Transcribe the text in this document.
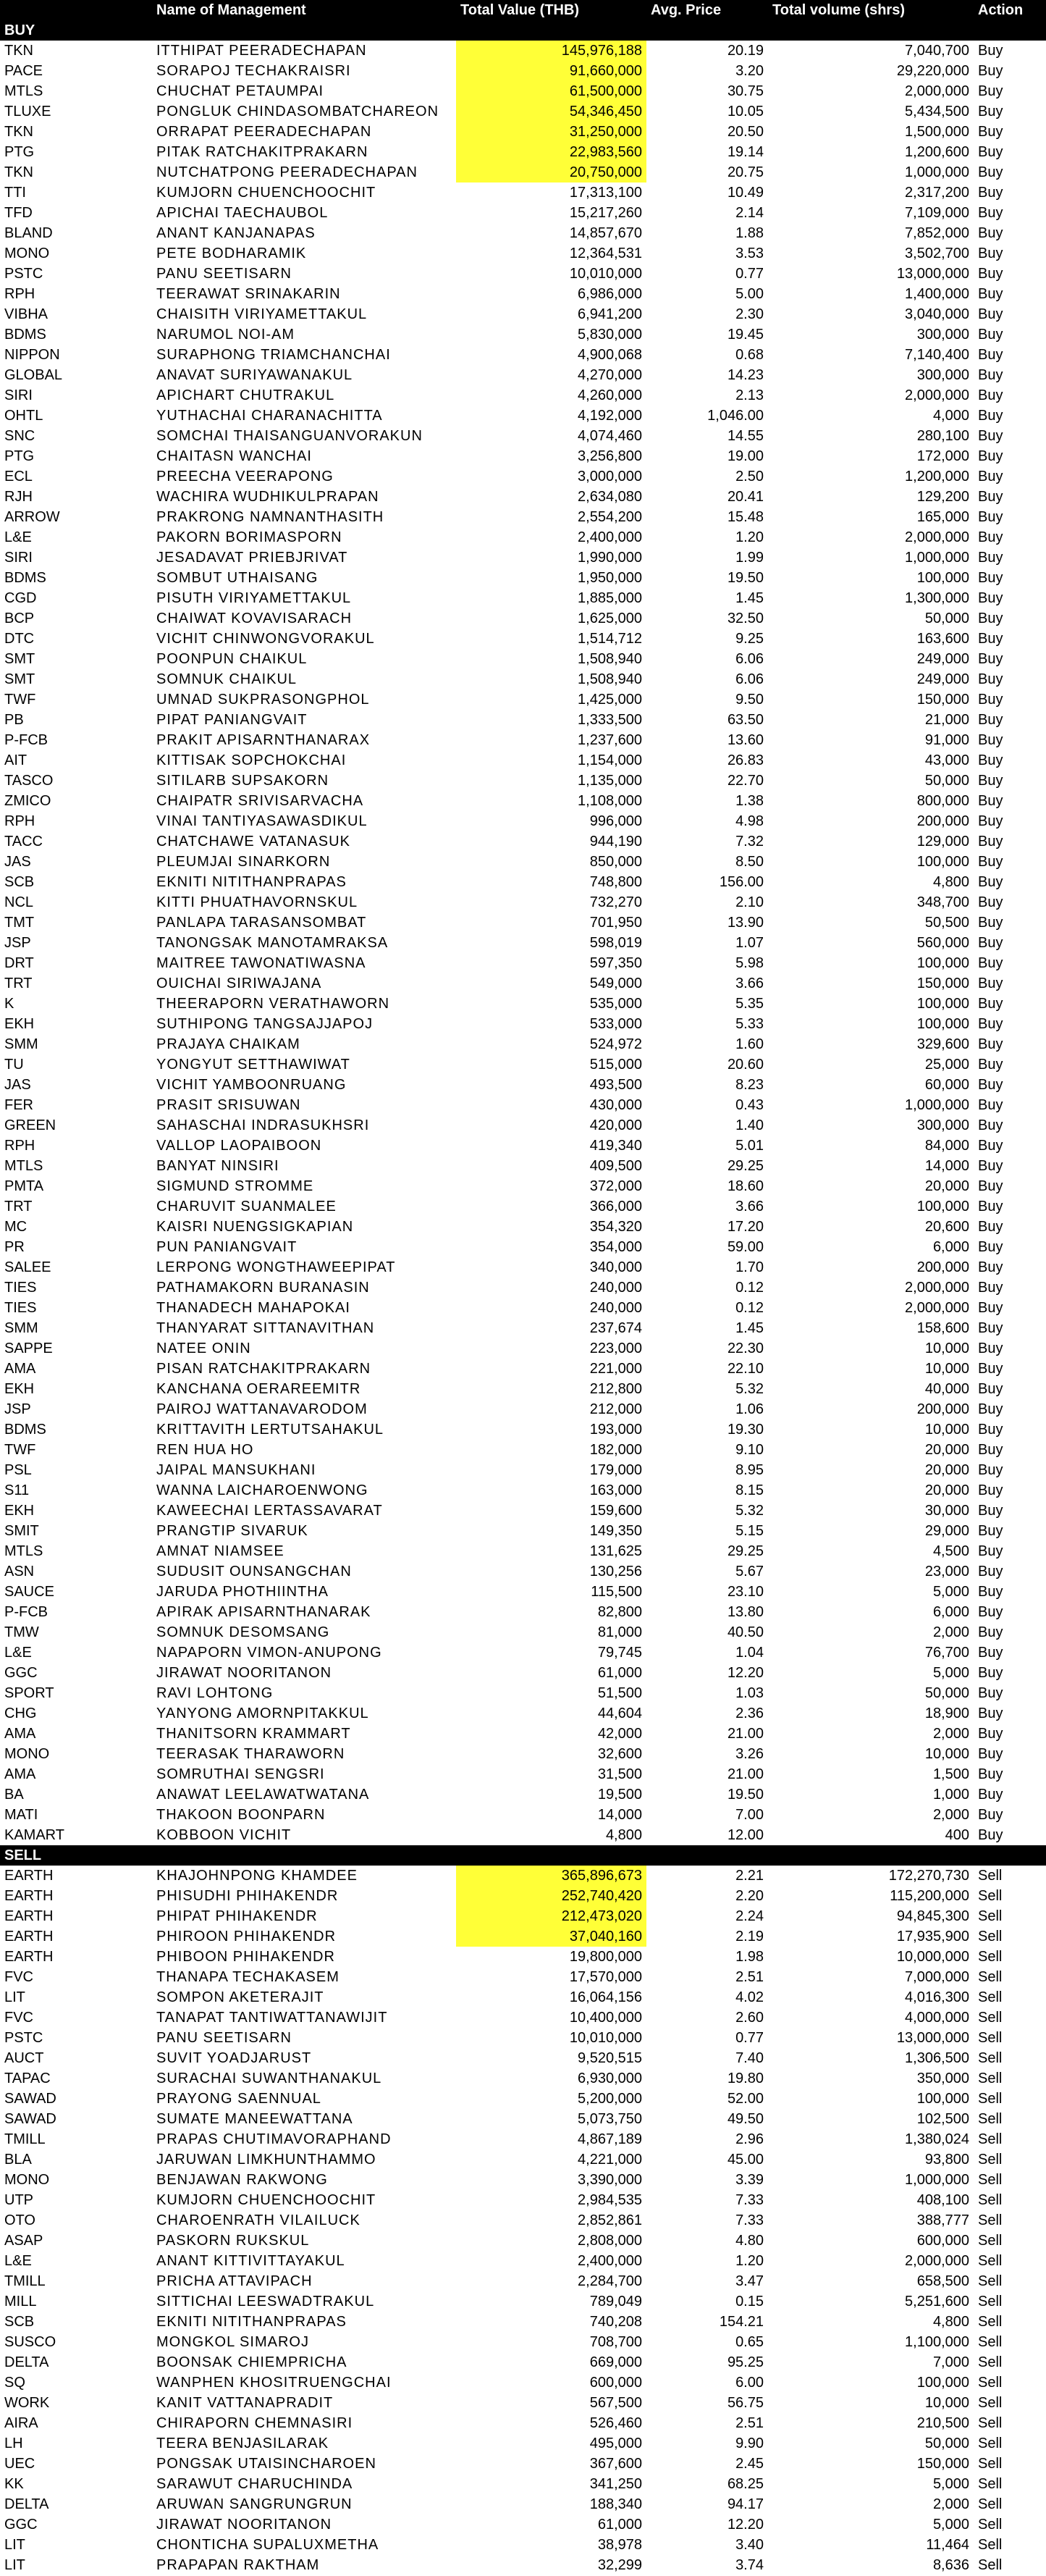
	Name of Management	Total Value (THB)	Avg. Price	Total volume (shrs)	Action
BUY					
TKN	ITTHIPAT PEERADECHAPAN	145,976,188	20.19	7,040,700	Buy
PACE	SORAPOJ TECHAKRAISRI	91,660,000	3.20	29,220,000	Buy
MTLS	CHUCHAT PETAUMPAI	61,500,000	30.75	2,000,000	Buy
TLUXE	PONGLUK CHINDASOMBATCHAREON	54,346,450	10.05	5,434,500	Buy
TKN	ORRAPAT PEERADECHAPAN	31,250,000	20.50	1,500,000	Buy
PTG	PITAK RATCHAKITPRAKARN	22,983,560	19.14	1,200,600	Buy
TKN	NUTCHATPONG PEERADECHAPAN	20,750,000	20.75	1,000,000	Buy
TTI	KUMJORN CHUENCHOOCHIT	17,313,100	10.49	2,317,200	Buy
TFD	APICHAI TAECHAUBOL	15,217,260	2.14	7,109,000	Buy
BLAND	ANANT KANJANAPAS	14,857,670	1.88	7,852,000	Buy
MONO	PETE BODHARAMIK	12,364,531	3.53	3,502,700	Buy
PSTC	PANU SEETISARN	10,010,000	0.77	13,000,000	Buy
RPH	TEERAWAT SRINAKARIN	6,986,000	5.00	1,400,000	Buy
VIBHA	CHAISITH VIRIYAMETTAKUL	6,941,200	2.30	3,040,000	Buy
BDMS	NARUMOL NOI-AM	5,830,000	19.45	300,000	Buy
NIPPON	SURAPHONG TRIAMCHANCHAI	4,900,068	0.68	7,140,400	Buy
GLOBAL	ANAVAT SURIYAWANAKUL	4,270,000	14.23	300,000	Buy
SIRI	APICHART CHUTRAKUL	4,260,000	2.13	2,000,000	Buy
OHTL	YUTHACHAI CHARANACHITTA	4,192,000	1,046.00	4,000	Buy
SNC	SOMCHAI THAISANGUANVORAKUN	4,074,460	14.55	280,100	Buy
PTG	CHAITASN WANCHAI	3,256,800	19.00	172,000	Buy
ECL	PREECHA VEERAPONG	3,000,000	2.50	1,200,000	Buy
RJH	WACHIRA WUDHIKULPRAPAN	2,634,080	20.41	129,200	Buy
ARROW	PRAKRONG NAMNANTHASITH	2,554,200	15.48	165,000	Buy
L&E	PAKORN BORIMASPORN	2,400,000	1.20	2,000,000	Buy
SIRI	JESADAVAT PRIEBJRIVAT	1,990,000	1.99	1,000,000	Buy
BDMS	SOMBUT UTHAISANG	1,950,000	19.50	100,000	Buy
CGD	PISUTH VIRIYAMETTAKUL	1,885,000	1.45	1,300,000	Buy
BCP	CHAIWAT KOVAVISARACH	1,625,000	32.50	50,000	Buy
DTC	VICHIT CHINWONGVORAKUL	1,514,712	9.25	163,600	Buy
SMT	POONPUN CHAIKUL	1,508,940	6.06	249,000	Buy
SMT	SOMNUK CHAIKUL	1,508,940	6.06	249,000	Buy
TWF	UMNAD SUKPRASONGPHOL	1,425,000	9.50	150,000	Buy
PB	PIPAT PANIANGVAIT	1,333,500	63.50	21,000	Buy
P-FCB	PRAKIT APISARNTHANARAX	1,237,600	13.60	91,000	Buy
AIT	KITTISAK SOPCHOKCHAI	1,154,000	26.83	43,000	Buy
TASCO	SITILARB SUPSAKORN	1,135,000	22.70	50,000	Buy
ZMICO	CHAIPATR SRIVISARVACHA	1,108,000	1.38	800,000	Buy
RPH	VINAI TANTIYASAWASDIKUL	996,000	4.98	200,000	Buy
TACC	CHATCHAWE VATANASUK	944,190	7.32	129,000	Buy
JAS	PLEUMJAI SINARKORN	850,000	8.50	100,000	Buy
SCB	EKNITI NITITHANPRAPAS	748,800	156.00	4,800	Buy
NCL	KITTI PHUATHAVORNSKUL	732,270	2.10	348,700	Buy
TMT	PANLAPA TARASANSOMBAT	701,950	13.90	50,500	Buy
JSP	TANONGSAK MANOTAMRAKSA	598,019	1.07	560,000	Buy
DRT	MAITREE TAWONATIWASNA	597,350	5.98	100,000	Buy
TRT	OUICHAI SIRIWAJANA	549,000	3.66	150,000	Buy
K	THEERAPORN VERATHAWORN	535,000	5.35	100,000	Buy
EKH	SUTHIPONG TANGSAJJAPOJ	533,000	5.33	100,000	Buy
SMM	PRAJAYA CHAIKAM	524,972	1.60	329,600	Buy
TU	YONGYUT SETTHAWIWAT	515,000	20.60	25,000	Buy
JAS	VICHIT YAMBOONRUANG	493,500	8.23	60,000	Buy
FER	PRASIT SRISUWAN	430,000	0.43	1,000,000	Buy
GREEN	SAHASCHAI INDRASUKHSRI	420,000	1.40	300,000	Buy
RPH	VALLOP LAOPAIBOON	419,340	5.01	84,000	Buy
MTLS	BANYAT NINSIRI	409,500	29.25	14,000	Buy
PMTA	SIGMUND STROMME	372,000	18.60	20,000	Buy
TRT	CHARUVIT SUANMALEE	366,000	3.66	100,000	Buy
MC	KAISRI NUENGSIGKAPIAN	354,320	17.20	20,600	Buy
PR	PUN PANIANGVAIT	354,000	59.00	6,000	Buy
SALEE	LERPONG WONGTHAWEEPIPAT	340,000	1.70	200,000	Buy
TIES	PATHAMAKORN BURANASIN	240,000	0.12	2,000,000	Buy
TIES	THANADECH MAHAPOKAI	240,000	0.12	2,000,000	Buy
SMM	THANYARAT SITTANAVITHAN	237,674	1.45	158,600	Buy
SAPPE	NATEE ONIN	223,000	22.30	10,000	Buy
AMA	PISAN RATCHAKITPRAKARN	221,000	22.10	10,000	Buy
EKH	KANCHANA OERAREEMITR	212,800	5.32	40,000	Buy
JSP	PAIROJ WATTANAVARODOM	212,000	1.06	200,000	Buy
BDMS	KRITTAVITH LERTUTSAHAKUL	193,000	19.30	10,000	Buy
TWF	REN HUA HO	182,000	9.10	20,000	Buy
PSL	JAIPAL MANSUKHANI	179,000	8.95	20,000	Buy
S11	WANNA LAICHAROENWONG	163,000	8.15	20,000	Buy
EKH	KAWEECHAI LERTASSAVARAT	159,600	5.32	30,000	Buy
SMIT	PRANGTIP SIVARUK	149,350	5.15	29,000	Buy
MTLS	AMNAT NIAMSEE	131,625	29.25	4,500	Buy
ASN	SUDUSIT OUNSANGCHAN	130,256	5.67	23,000	Buy
SAUCE	JARUDA PHOTHIINTHA	115,500	23.10	5,000	Buy
P-FCB	APIRAK APISARNTHANARAK	82,800	13.80	6,000	Buy
TMW	SOMNUK DESOMSANG	81,000	40.50	2,000	Buy
L&E	NAPAPORN VIMON-ANUPONG	79,745	1.04	76,700	Buy
GGC	JIRAWAT NOORITANON	61,000	12.20	5,000	Buy
SPORT	RAVI LOHTONG	51,500	1.03	50,000	Buy
CHG	YANYONG AMORNPITAKKUL	44,604	2.36	18,900	Buy
AMA	THANITSORN KRAMMART	42,000	21.00	2,000	Buy
MONO	TEERASAK THARAWORN	32,600	3.26	10,000	Buy
AMA	SOMRUTHAI SENGSRI	31,500	21.00	1,500	Buy
BA	ANAWAT LEELAWATWATANA	19,500	19.50	1,000	Buy
MATI	THAKOON BOONPARN	14,000	7.00	2,000	Buy
KAMART	KOBBOON VICHIT	4,800	12.00	400	Buy
SELL					
EARTH	KHAJOHNPONG KHAMDEE	365,896,673	2.21	172,270,730	Sell
EARTH	PHISUDHI PHIHAKENDR	252,740,420	2.20	115,200,000	Sell
EARTH	PHIPAT PHIHAKENDR	212,473,020	2.24	94,845,300	Sell
EARTH	PHIROON PHIHAKENDR	37,040,160	2.19	17,935,900	Sell
EARTH	PHIBOON PHIHAKENDR	19,800,000	1.98	10,000,000	Sell
FVC	THANAPA TECHAKASEM	17,570,000	2.51	7,000,000	Sell
LIT	SOMPON AKETERAJIT	16,064,156	4.02	4,016,300	Sell
FVC	TANAPAT TANTIWATTANAWIJIT	10,400,000	2.60	4,000,000	Sell
PSTC	PANU SEETISARN	10,010,000	0.77	13,000,000	Sell
AUCT	SUVIT YOADJARUST	9,520,515	7.40	1,306,500	Sell
TAPAC	SURACHAI SUWANTHANAKUL	6,930,000	19.80	350,000	Sell
SAWAD	PRAYONG SAENNUAL	5,200,000	52.00	100,000	Sell
SAWAD	SUMATE MANEEWATTANA	5,073,750	49.50	102,500	Sell
TMILL	PRAPAS CHUTIMAVORAPHAND	4,867,189	2.96	1,380,024	Sell
BLA	JARUWAN LIMKHUNTHAMMO	4,221,000	45.00	93,800	Sell
MONO	BENJAWAN RAKWONG	3,390,000	3.39	1,000,000	Sell
UTP	KUMJORN CHUENCHOOCHIT	2,984,535	7.33	408,100	Sell
OTO	CHAROENRATH VILAILUCK	2,852,861	7.33	388,777	Sell
ASAP	PASKORN RUKSKUL	2,808,000	4.80	600,000	Sell
L&E	ANANT KITTIVITTAYAKUL	2,400,000	1.20	2,000,000	Sell
TMILL	PRICHA ATTAVIPACH	2,284,700	3.47	658,500	Sell
MILL	SITTICHAI LEESWADTRAKUL	789,049	0.15	5,251,600	Sell
SCB	EKNITI NITITHANPRAPAS	740,208	154.21	4,800	Sell
SUSCO	MONGKOL SIMAROJ	708,700	0.65	1,100,000	Sell
DELTA	BOONSAK CHIEMPRICHA	669,000	95.25	7,000	Sell
SQ	WANPHEN KHOSITRUENGCHAI	600,000	6.00	100,000	Sell
WORK	KANIT VATTANAPRADIT	567,500	56.75	10,000	Sell
AIRA	CHIRAPORN CHEMNASIRI	526,460	2.51	210,500	Sell
LH	TEERA BENJASILARAK	495,000	9.90	50,000	Sell
UEC	PONGSAK UTAISINCHAROEN	367,600	2.45	150,000	Sell
KK	SARAWUT CHARUCHINDA	341,250	68.25	5,000	Sell
DELTA	ARUWAN SANGRUNGRUN	188,340	94.17	2,000	Sell
GGC	JIRAWAT NOORITANON	61,000	12.20	5,000	Sell
LIT	CHONTICHA SUPALUXMETHA	38,978	3.40	11,464	Sell
LIT	PRAPAPAN RAKTHAM	32,299	3.74	8,636	Sell
